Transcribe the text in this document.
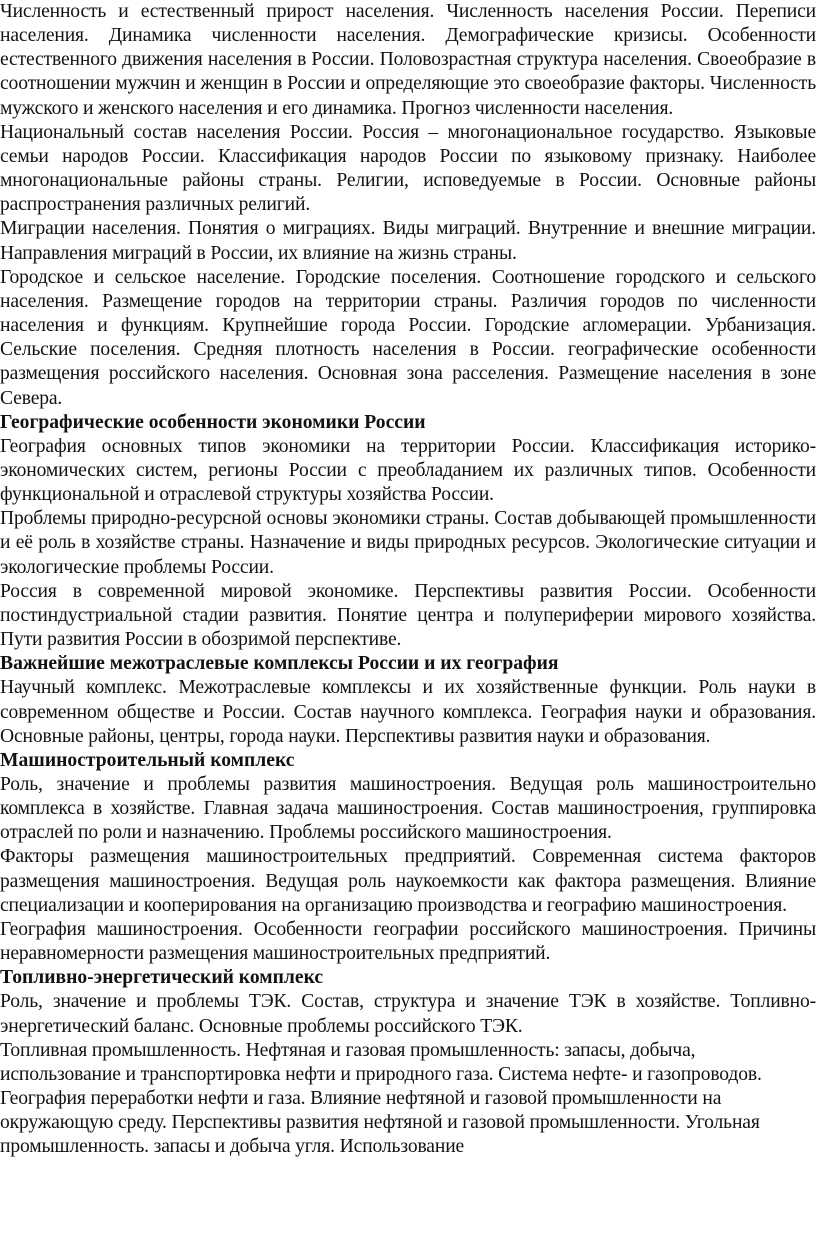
Численность и естественный прирост населения. Численность населения России. Переписи населения. Динамика численности населения. Демографические кризисы. Особенности естественного движения населения в России. Половозрастная структура населения. Своеобразие в соотношении мужчин и женщин в России и определяющие это своеобразие факторы. Численность мужского и женского населения и его динамика. Прогноз численности населения.

Национальный состав населения России. Россия – многонациональное государство. Языковые семьи народов России. Классификация народов России по языковому признаку. Наиболее многонациональные районы страны. Религии, исповедуемые в России. Основные районы распространения различных религий.

Миграции населения. Понятия о миграциях. Виды миграций. Внутренние и внешние миграции. Направления миграций в России, их влияние на жизнь страны.

Городское и сельское население. Городские поселения. Соотношение городского и сельского населения. Размещение городов на территории страны. Различия городов по численности населения и функциям. Крупнейшие города России. Городские агломерации. Урбанизация. Сельские поселения. Средняя плотность населения в России. географические особенности размещения российского населения. Основная зона расселения. Размещение населения в зоне Севера.

Географические особенности экономики России

География основных типов экономики на территории России. Классификация историко-экономических систем, регионы России с преобладанием их различных типов. Особенности функциональной и отраслевой структуры хозяйства России.

Проблемы природно-ресурсной основы экономики страны. Состав добывающей промышленности и её роль в хозяйстве страны. Назначение и виды природных ресурсов. Экологические ситуации и экологические проблемы России.

Россия в современной мировой экономике. Перспективы развития России. Особенности постиндустриальной стадии развития. Понятие центра и полупериферии мирового хозяйства. Пути развития России в обозримой перспективе.

Важнейшие межотраслевые комплексы России и их география

Научный комплекс. Межотраслевые комплексы и их хозяйственные функции. Роль науки в современном обществе и России. Состав научного комплекса. География науки и образования. Основные районы, центры, города науки. Перспективы развития науки и образования.

Машиностроительный комплекс

Роль, значение и проблемы развития машиностроения. Ведущая роль машиностроительно комплекса в хозяйстве. Главная задача машиностроения. Состав машиностроения, группировка отраслей по роли и назначению. Проблемы российского машиностроения.

Факторы размещения машиностроительных предприятий. Современная система факторов размещения машиностроения. Ведущая роль наукоемкости как фактора размещения. Влияние специализации и кооперирования на организацию производства и географию машиностроения.

География машиностроения. Особенности географии российского машиностроения. Причины неравномерности размещения машиностроительных предприятий.

Топливно-энергетический комплекс

Роль, значение и проблемы ТЭК. Состав, структура и значение ТЭК в хозяйстве. Топливно-энергетический баланс. Основные проблемы российского ТЭК.

Топливная промышленность. Нефтяная и газовая промышленность: запасы, добыча, использование и транспортировка нефти и природного газа. Система нефте- и газопроводов. География переработки нефти и газа. Влияние нефтяной и газовой промышленности на окружающую среду. Перспективы развития нефтяной и газовой промышленности. Угольная промышленность. запасы и добыча угля. Использование
